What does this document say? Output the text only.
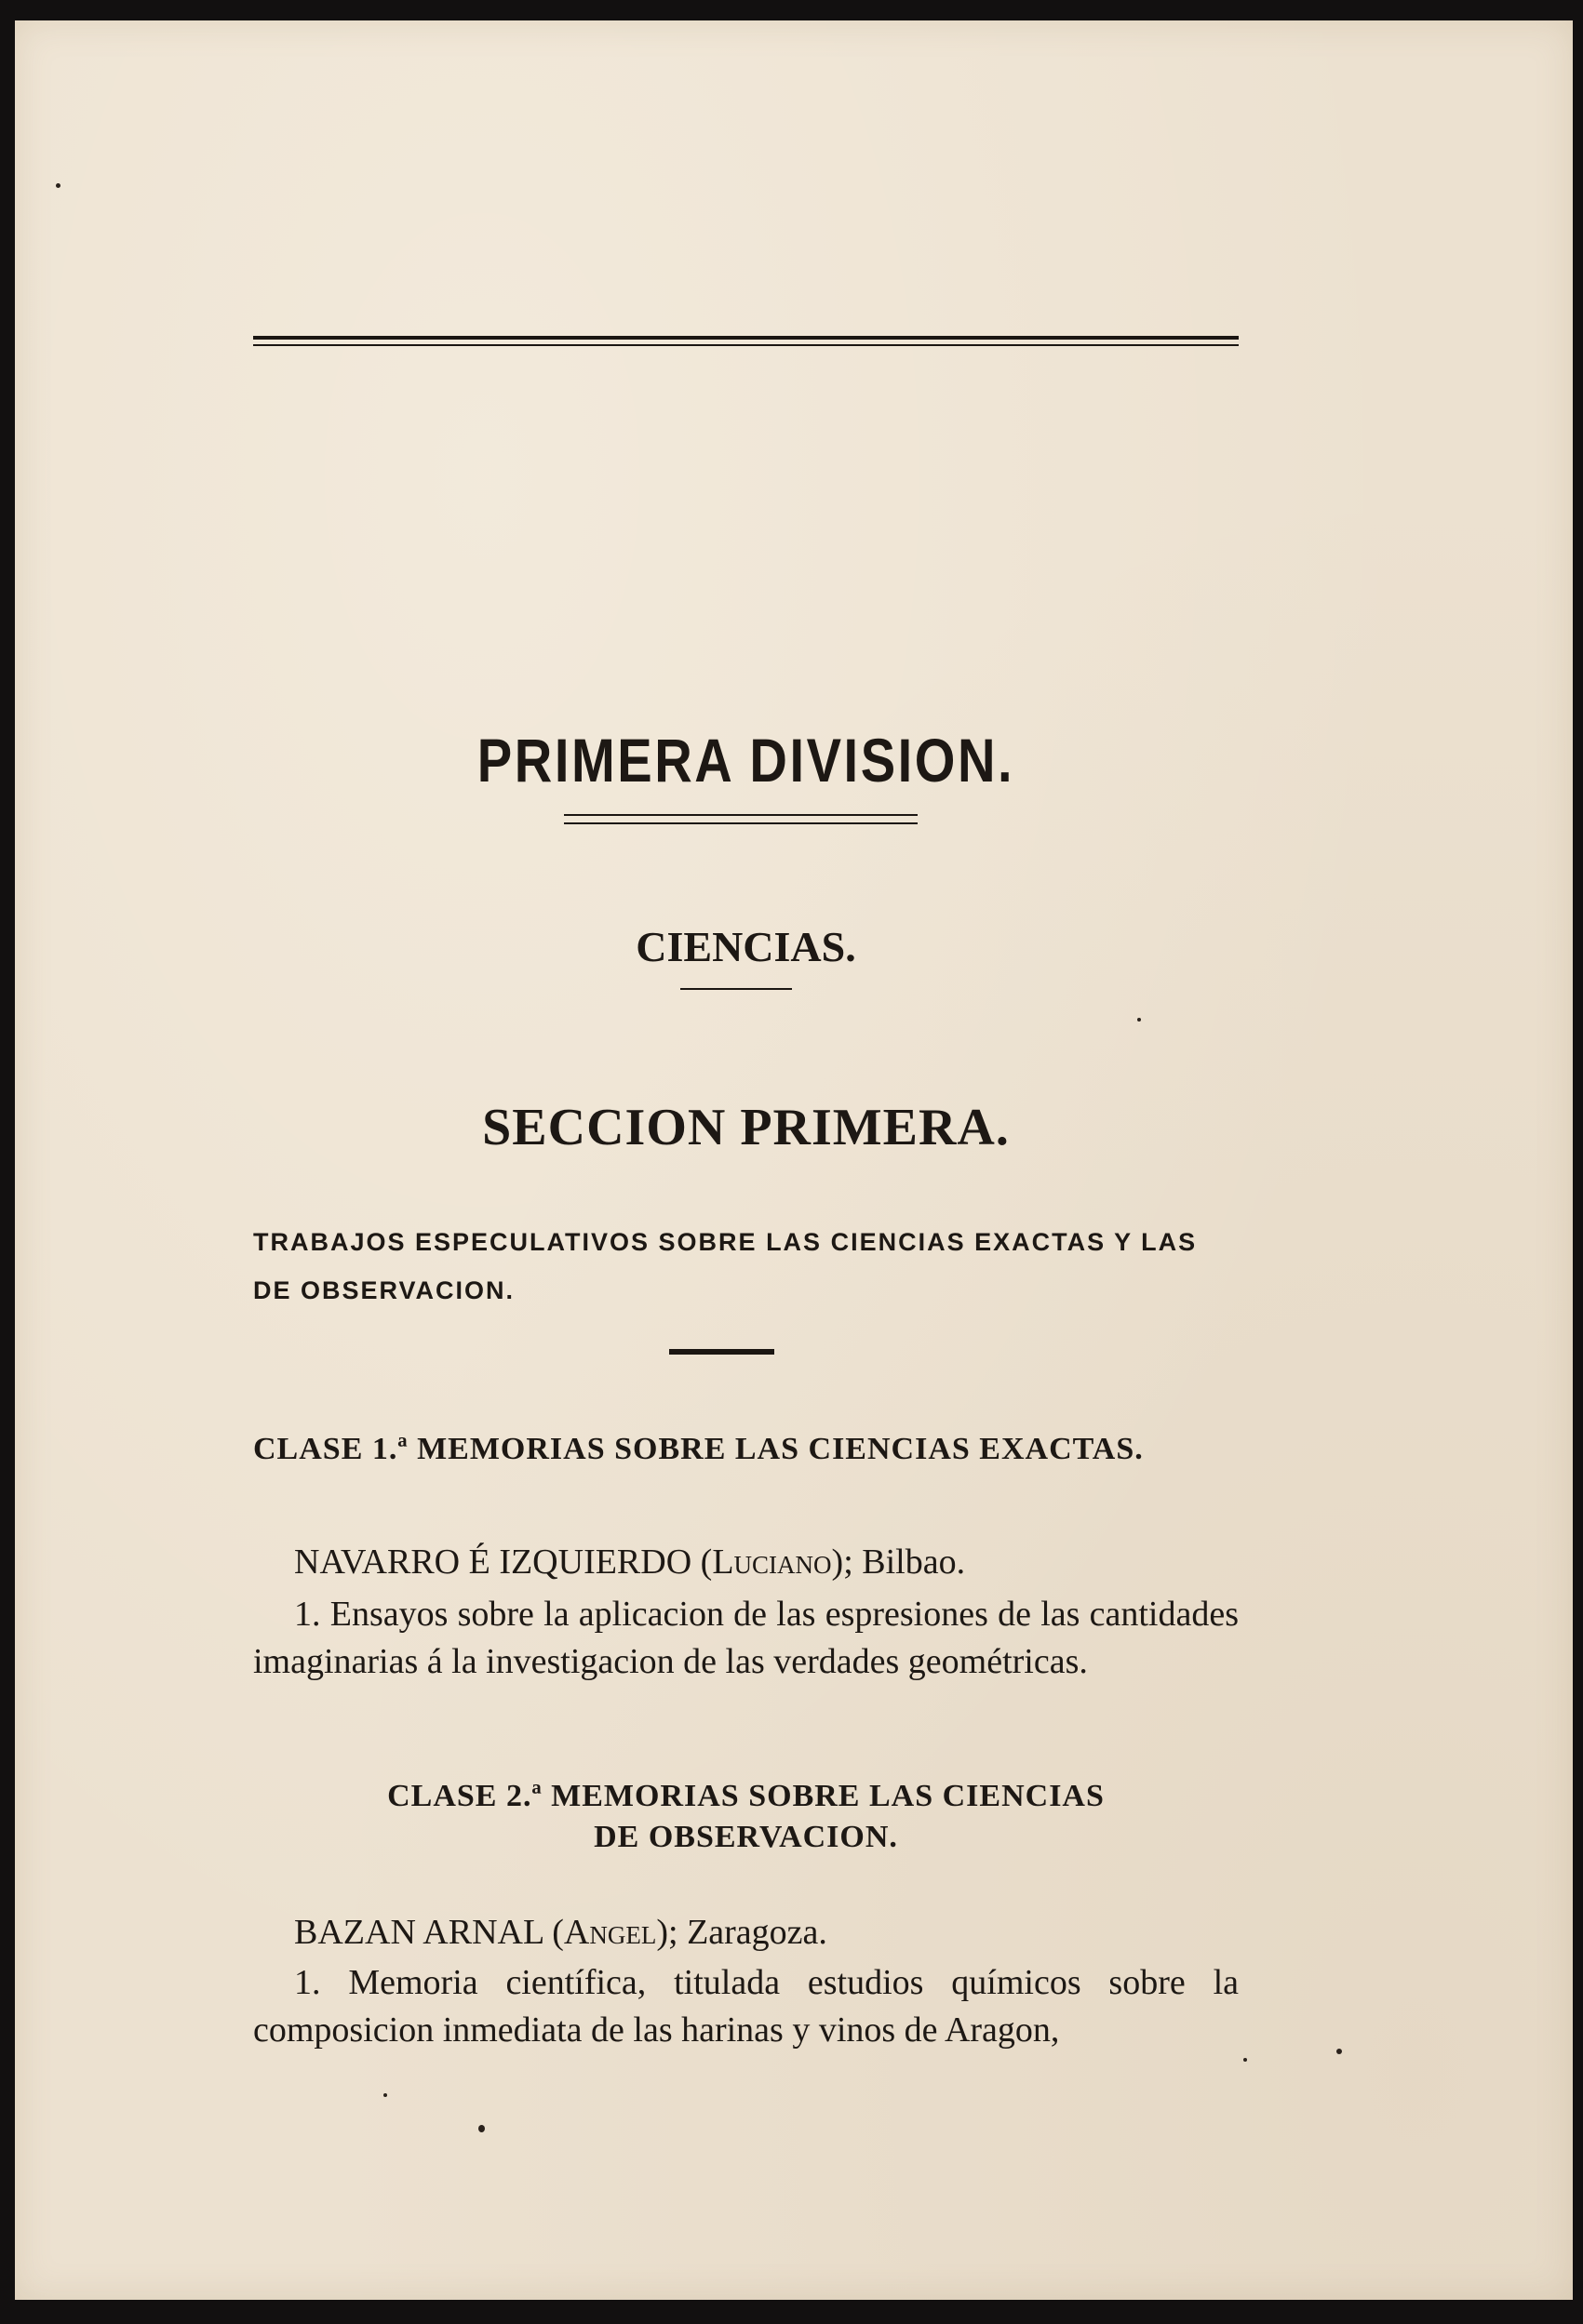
PRIMERA DIVISION.
CIENCIAS.
SECCION PRIMERA.
TRABAJOS ESPECULATIVOS SOBRE LAS CIENCIAS EXACTAS Y LAS
DE OBSERVACION.
CLASE 1.ª MEMORIAS SOBRE LAS CIENCIAS EXACTAS.
NAVARRO É IZQUIERDO (Luciano); Bilbao.
1. Ensayos sobre la aplicacion de las espresiones de las cantidades imaginarias á la investigacion de las verdades geométricas.
CLASE 2.ª MEMORIAS SOBRE LAS CIENCIAS
DE OBSERVACION.
BAZAN ARNAL (Angel); Zaragoza.
1. Memoria científica, titulada estudios químicos sobre la composicion inmediata de las harinas y vinos de Aragon,
